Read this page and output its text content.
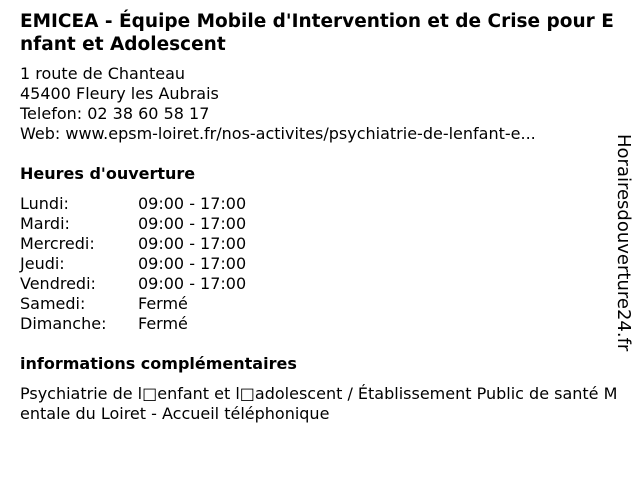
EMICEA - Équipe Mobile d'Intervention et de Crise pour Enfant et Adolescent
1 route de Chanteau
45400 Fleury les Aubrais
Telefon: 02 38 60 58 17
Web: www.epsm-loiret.fr/nos-activites/psychiatrie-de-lenfant-e...
Heures d'ouverture
Lundi:	09:00 - 17:00
Mardi:	09:00 - 17:00
Mercredi:	09:00 - 17:00
Jeudi:	09:00 - 17:00
Vendredi:	09:00 - 17:00
Samedi:	Fermé
Dimanche:	Fermé
informations complémentaires
Psychiatrie de l□enfant et l□adolescent / Établissement Public de santé Mentale du Loiret - Accueil téléphonique
Horairesdouverture24.fr
